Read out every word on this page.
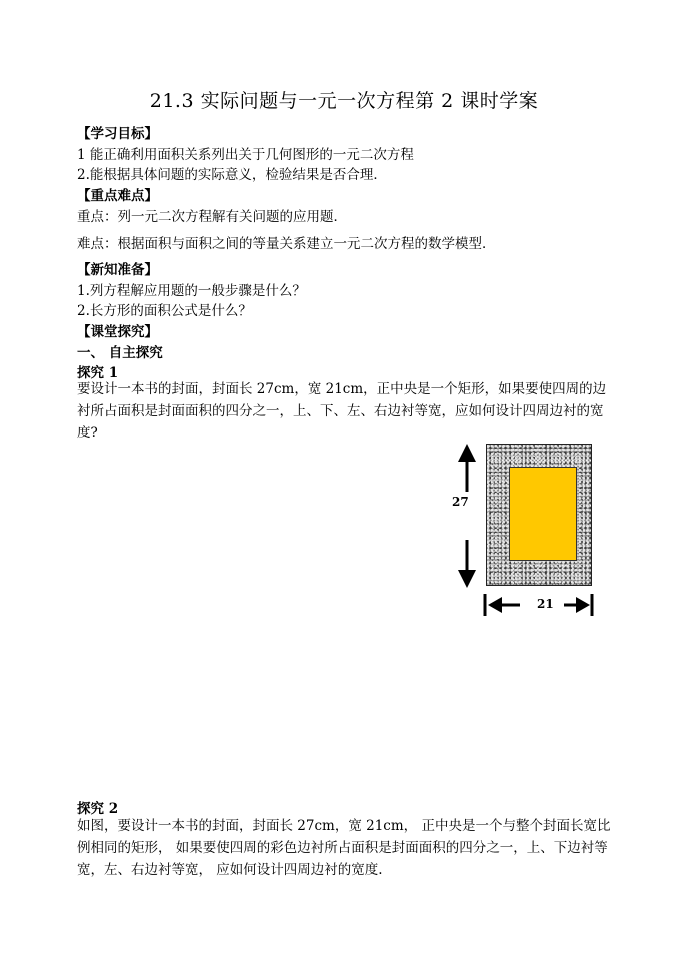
21.3 实际问题与一元一次方程第 2 课时学案
【学习目标】
1 能正确利用面积关系列出关于几何图形的一元二次方程
2.能根据具体问题的实际意义，检验结果是否合理．
【重点难点】
重点：列一元二次方程解有关问题的应用题．
难点：根据面积与面积之间的等量关系建立一元二次方程的数学模型．
【新知准备】
1.列方程解应用题的一般步骤是什么？
2.长方形的面积公式是什么？
【课堂探究】
一、 自主探究
探究 1
要设计一本书的封面，封面长 27cm，宽 21cm，正中央是一个矩形，如果要使四周的边衬所占面积是封面面积的四分之一，上、下、左、右边衬等宽，应如何设计四周边衬的宽度?
27
21
探究 2
如图，要设计一本书的封面，封面长 27cm，宽 21cm， 正中央是一个与整个封面长宽比例相同的矩形， 如果要使四周的彩色边衬所占面积是封面面积的四分之一，上、下边衬等宽，左、右边衬等宽， 应如何设计四周边衬的宽度.
